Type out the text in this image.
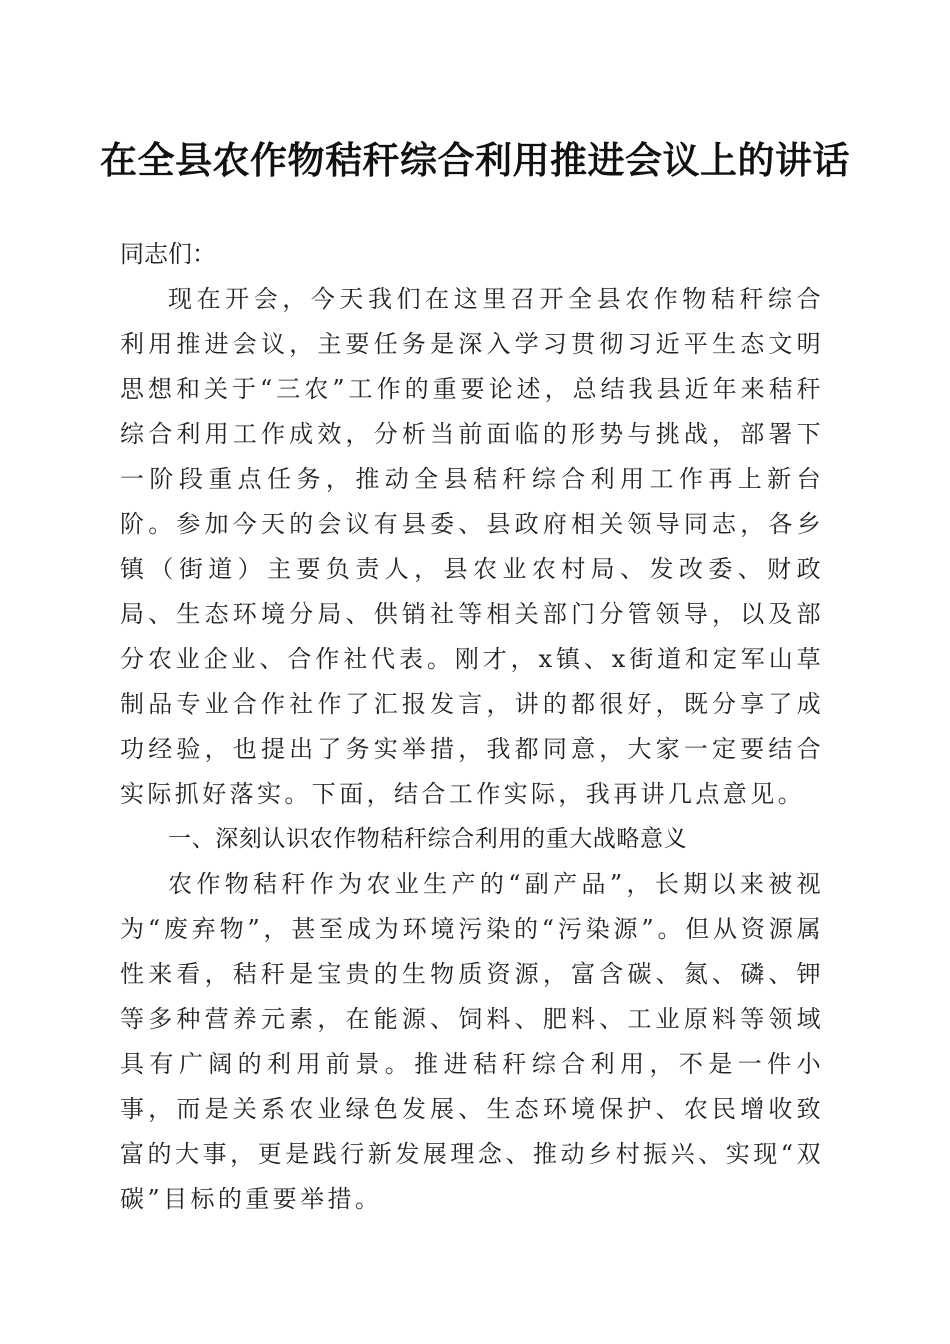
在全县农作物秸秆综合利用推进会议上的讲话

同志们：

现在开会，今天我们在这里召开全县农作物秸秆综合利用推进会议，主要任务是深入学习贯彻习近平生态文明思想和关于“三农”工作的重要论述，总结我县近年来秸秆综合利用工作成效，分析当前面临的形势与挑战，部署下一阶段重点任务，推动全县秸秆综合利用工作再上新台阶。参加今天的会议有县委、县政府相关领导同志，各乡镇（街道）主要负责人，县农业农村局、发改委、财政局、生态环境分局、供销社等相关部门分管领导，以及部分农业企业、合作社代表。刚才，x镇、x街道和定军山草制品专业合作社作了汇报发言，讲的都很好，既分享了成功经验，也提出了务实举措，我都同意，大家一定要结合实际抓好落实。下面，结合工作实际，我再讲几点意见。

一、深刻认识农作物秸秆综合利用的重大战略意义

农作物秸秆作为农业生产的“副产品”，长期以来被视为“废弃物”，甚至成为环境污染的“污染源”。但从资源属性来看，秸秆是宝贵的生物质资源，富含碳、氮、磷、钾等多种营养元素，在能源、饲料、肥料、工业原料等领域具有广阔的利用前景。推进秸秆综合利用，不是一件小事，而是关系农业绿色发展、生态环境保护、农民增收致富的大事，更是践行新发展理念、推动乡村振兴、实现“双碳”目标的重要举措。
